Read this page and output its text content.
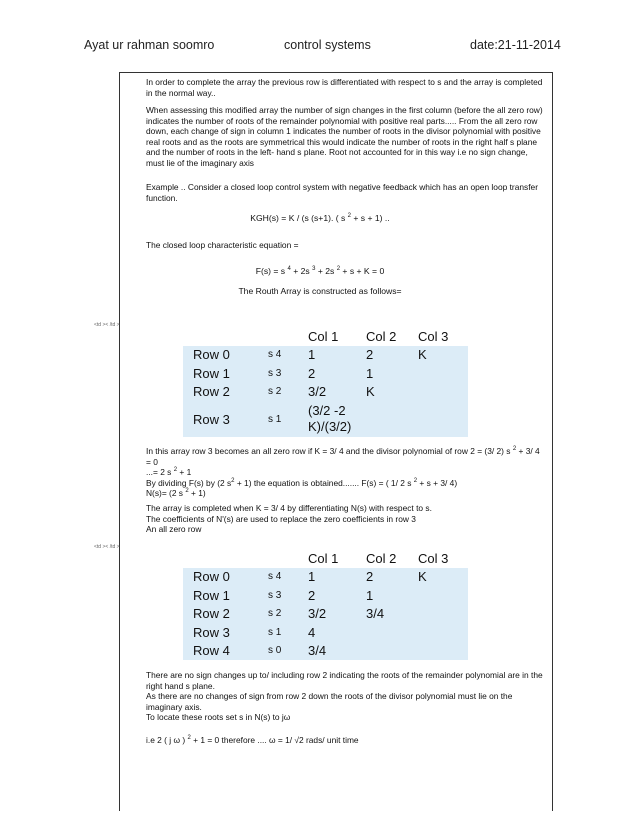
Ayat ur rahman soomro	control systems	date:21-11-2014

In order to complete the array the previous row is differentiated with respect to s and the array is completed in the normal way..

When assessing this modified array the number of sign changes in the first column (before the all zero row) indicates the number of roots of the remainder polynomial with positive real parts..... From the all zero row down, each change of sign in column 1 indicates the number of roots in the divisor polynomial with positive real roots and as the roots are symmetrical this would indicate the number of roots in the right half s plane and the number of roots in the left- hand s plane. Root not accounted for in this way i.e no sign change, must lie of the imaginary axis

Example .. Consider a closed loop control system with negative feedback which has an open loop transfer function.

KGH(s) = K / (s (s+1). ( s $^2$ + s + 1) ..

The closed loop characteristic equation =

F(s) = s $^4$ + 2s $^3$ + 2s $^2$ + s + K = 0
The Routh Array is constructed as follows=
<td >< /td >
		Col 1	Col 2	Col 3
Row 0	s 4	1	2	K
Row 1	s 3	2	1	
Row 2	s 2	3/2	K	
Row 3	s 1	(3/2 -2 K)/(3/2)		

In this array row 3 becomes an all zero row if K = 3/ 4 and the divisor polynomial of row 2 = (3/ 2) s $^2$ + 3/ 4 = 0

...= 2 s $^2$ + 1

By dividing F(s) by (2 $s^2 + 1$) the equation is obtained....... F(s) = ( 1/ 2 s $^2$ + s + 3/ 4)

N(s)= (2 s $^2$ + 1)

The array is completed when K = 3/ 4 by differentiating N(s) with respect to s.

The coefficients of N'(s) are used to replace the zero coefficients in row 3

An all zero row

<td >< /td >
		Col 1	Col 2	Col 3
Row 0	s 4	1	2	K
Row 1	s 3	2	1	
Row 2	s 2	3/2	3/4	
Row 3	s 1	4		
Row 4	s 0	3/4		

There are no sign changes up to/ including row 2 indicating the roots of the remainder polynomial are in the right hand s plane.

As there are no changes of sign from row 2 down the roots of the divisor polynomial must lie on the imaginary axis.

To locate these roots set s in N(s) to jω

i.e 2 ( j ω ) $^2$ + 1 = 0 therefore .... ω = 1/ √2 rads/ unit time
